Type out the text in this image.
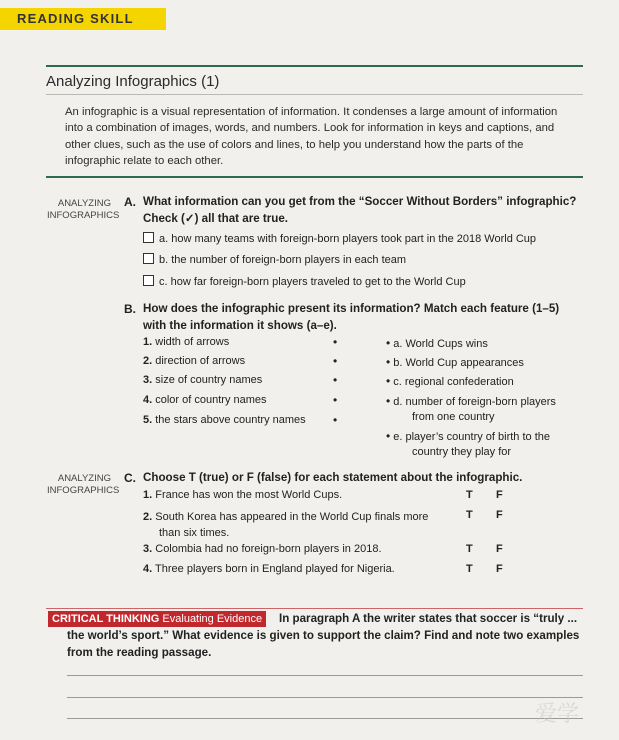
READING SKILL
Analyzing Infographics (1)
An infographic is a visual representation of information. It condenses a large amount of information into a combination of images, words, and numbers. Look for information in keys and captions, and other clues, such as the use of colors and lines, to help you understand how the parts of the infographic relate to each other.
ANALYZING
INFOGRAPHICS
A. What information can you get from the “Soccer Without Borders” infographic?
Check (✓) all that are true.
a. how many teams with foreign-born players took part in the 2018 World Cup
b. the number of foreign-born players in each team
c. how far foreign-born players traveled to get to the World Cup
B. How does the infographic present its information? Match each feature (1–5)
with the information it shows (a–e).
1. width of arrows
2. direction of arrows
3. size of country names
4. color of country names
5. the stars above country names
•
•
•
•
•
• a. World Cups wins
• b. World Cup appearances
• c. regional confederation
• d. number of foreign-born players
from one country
• e. player’s country of birth to the
country they play for
ANALYZING
INFOGRAPHICS
C. Choose T (true) or F (false) for each statement about the infographic.
1. France has won the most World Cups.
2. South Korea has appeared in the World Cup finals more
than six times.
3. Colombia had no foreign-born players in 2018.
4. Three players born in England played for Nigeria.
T F
T F
T F
T F
CRITICAL THINKING Evaluating Evidence	In paragraph A the writer states that soccer is “truly ...
the world’s sport.” What evidence is given to support the claim? Find and note two examples
from the reading passage.
爱学
